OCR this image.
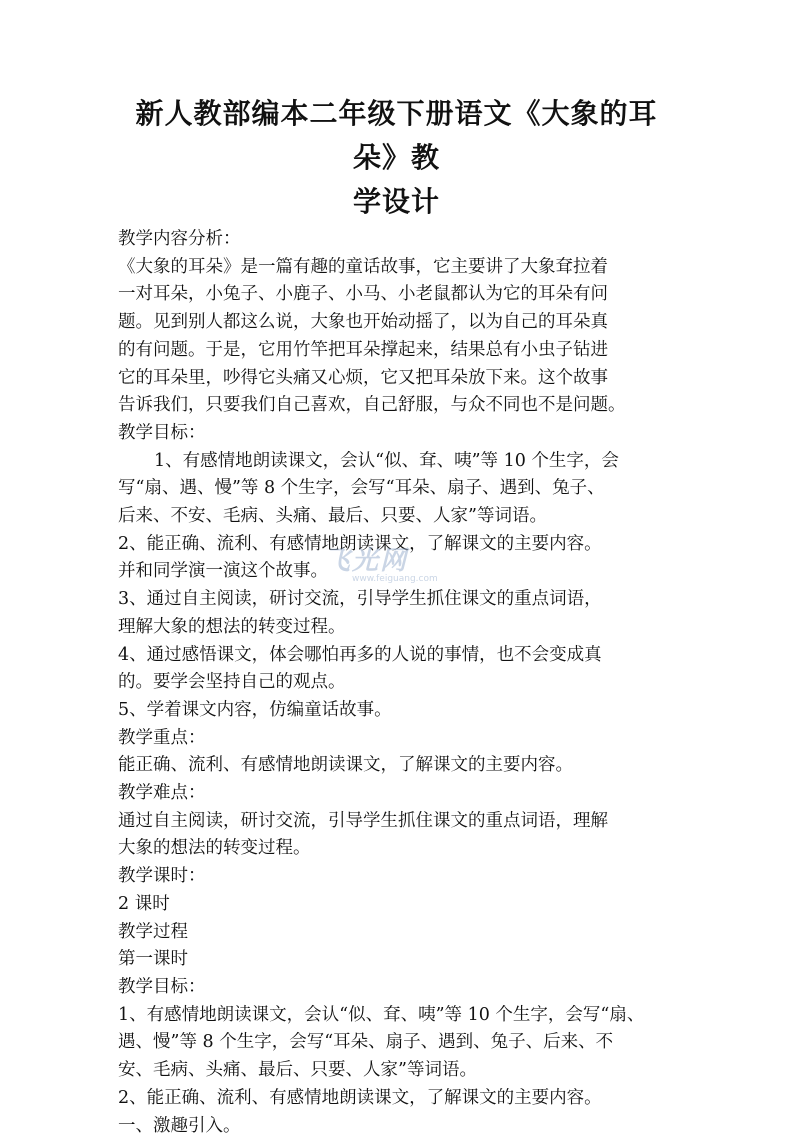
新人教部编本二年级下册语文《大象的耳朵》教
学设计

教学内容分析：

《大象的耳朵》是一篇有趣的童话故事，它主要讲了大象耷拉着

一对耳朵，小兔子、小鹿子、小马、小老鼠都认为它的耳朵有问

题。见到别人都这么说，大象也开始动摇了，以为自己的耳朵真

的有问题。于是，它用竹竿把耳朵撑起来，结果总有小虫子钻进

它的耳朵里，吵得它头痛又心烦，它又把耳朵放下来。这个故事

告诉我们，只要我们自己喜欢，自己舒服，与众不同也不是问题。

教学目标：

1、有感情地朗读课文，会认“似、耷、咦”等 10 个生字，会

写“扇、遇、慢”等 8 个生字，会写“耳朵、扇子、遇到、兔子、

后来、不安、毛病、头痛、最后、只要、人家”等词语。

2、能正确、流利、有感情地朗读课文，了解课文的主要内容。

并和同学演一演这个故事。

3、通过自主阅读，研讨交流，引导学生抓住课文的重点词语，

理解大象的想法的转变过程。

4、通过感悟课文，体会哪怕再多的人说的事情，也不会变成真

的。要学会坚持自己的观点。

5、学着课文内容，仿编童话故事。

教学重点：

能正确、流利、有感情地朗读课文，了解课文的主要内容。

教学难点：

通过自主阅读，研讨交流，引导学生抓住课文的重点词语，理解

大象的想法的转变过程。

教学课时：

2 课时

教学过程

第一课时

教学目标：

1、有感情地朗读课文，会认“似、耷、咦”等 10 个生字，会写“扇、

遇、慢”等 8 个生字，会写“耳朵、扇子、遇到、兔子、后来、不

安、毛病、头痛、最后、只要、人家”等词语。

2、能正确、流利、有感情地朗读课文，了解课文的主要内容。

一、激趣引入。

飞光网
www.feiguang.com
